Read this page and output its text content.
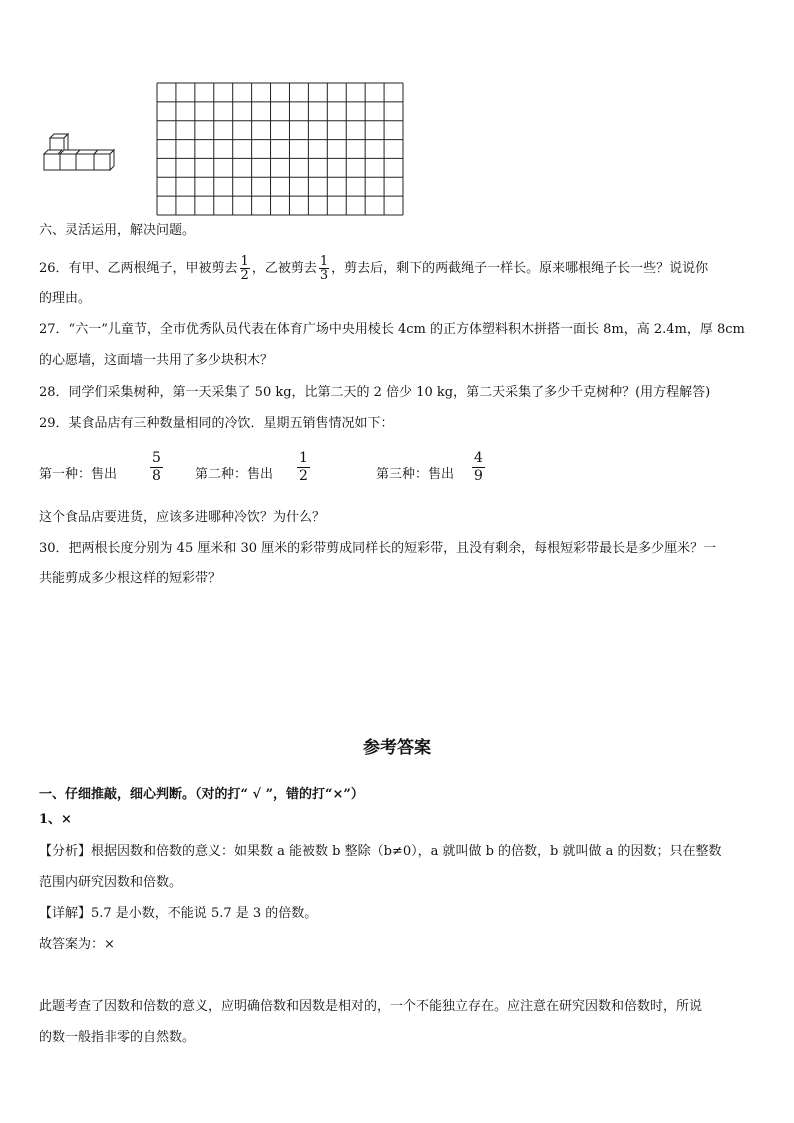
六、灵活运用，解决问题。
26．有甲、乙两根绳子，甲被剪去 $\frac{1}{2}$ ，乙被剪去 $\frac{1}{3}$ ，剪去后，剩下的两截绳子一样长。原来哪根绳子长一些？说说你
的理由。
27．“六一”儿童节，全市优秀队员代表在体育广场中央用棱长 4cm 的正方体塑料积木拼搭一面长 8m，高 2.4m，厚 8cm
的心愿墙，这面墙一共用了多少块积木？
28．同学们采集树种，第一天采集了 50 kg，比第二天的 2 倍少 10 kg，第二天采集了多少千克树种？(用方程解答)
29．某食品店有三种数量相同的冷饮．星期五销售情况如下：
第一种：售出 $\frac{5}{8}$ 第二种：售出 $\frac{1}{2}$	第三种：售出 $\frac{4}{9}$
这个食品店要进货，应该多进哪种冷饮？为什么？
30．把两根长度分别为 45 厘米和 30 厘米的彩带剪成同样长的短彩带，且没有剩余，每根短彩带最长是多少厘米？一
共能剪成多少根这样的短彩带？
参考答案
一、仔细推敲，细心判断。（对的打“ √ ”，错的打“×”）
1、×
【分析】根据因数和倍数的意义：如果数 a 能被数 b 整除（b≠0），a 就叫做 b 的倍数，b 就叫做 a 的因数；只在整数
范围内研究因数和倍数。
【详解】5.7 是小数，不能说 5.7 是 3 的倍数。
故答案为：×
此题考查了因数和倍数的意义，应明确倍数和因数是相对的，一个不能独立存在。应注意在研究因数和倍数时，所说
的数一般指非零的自然数。
